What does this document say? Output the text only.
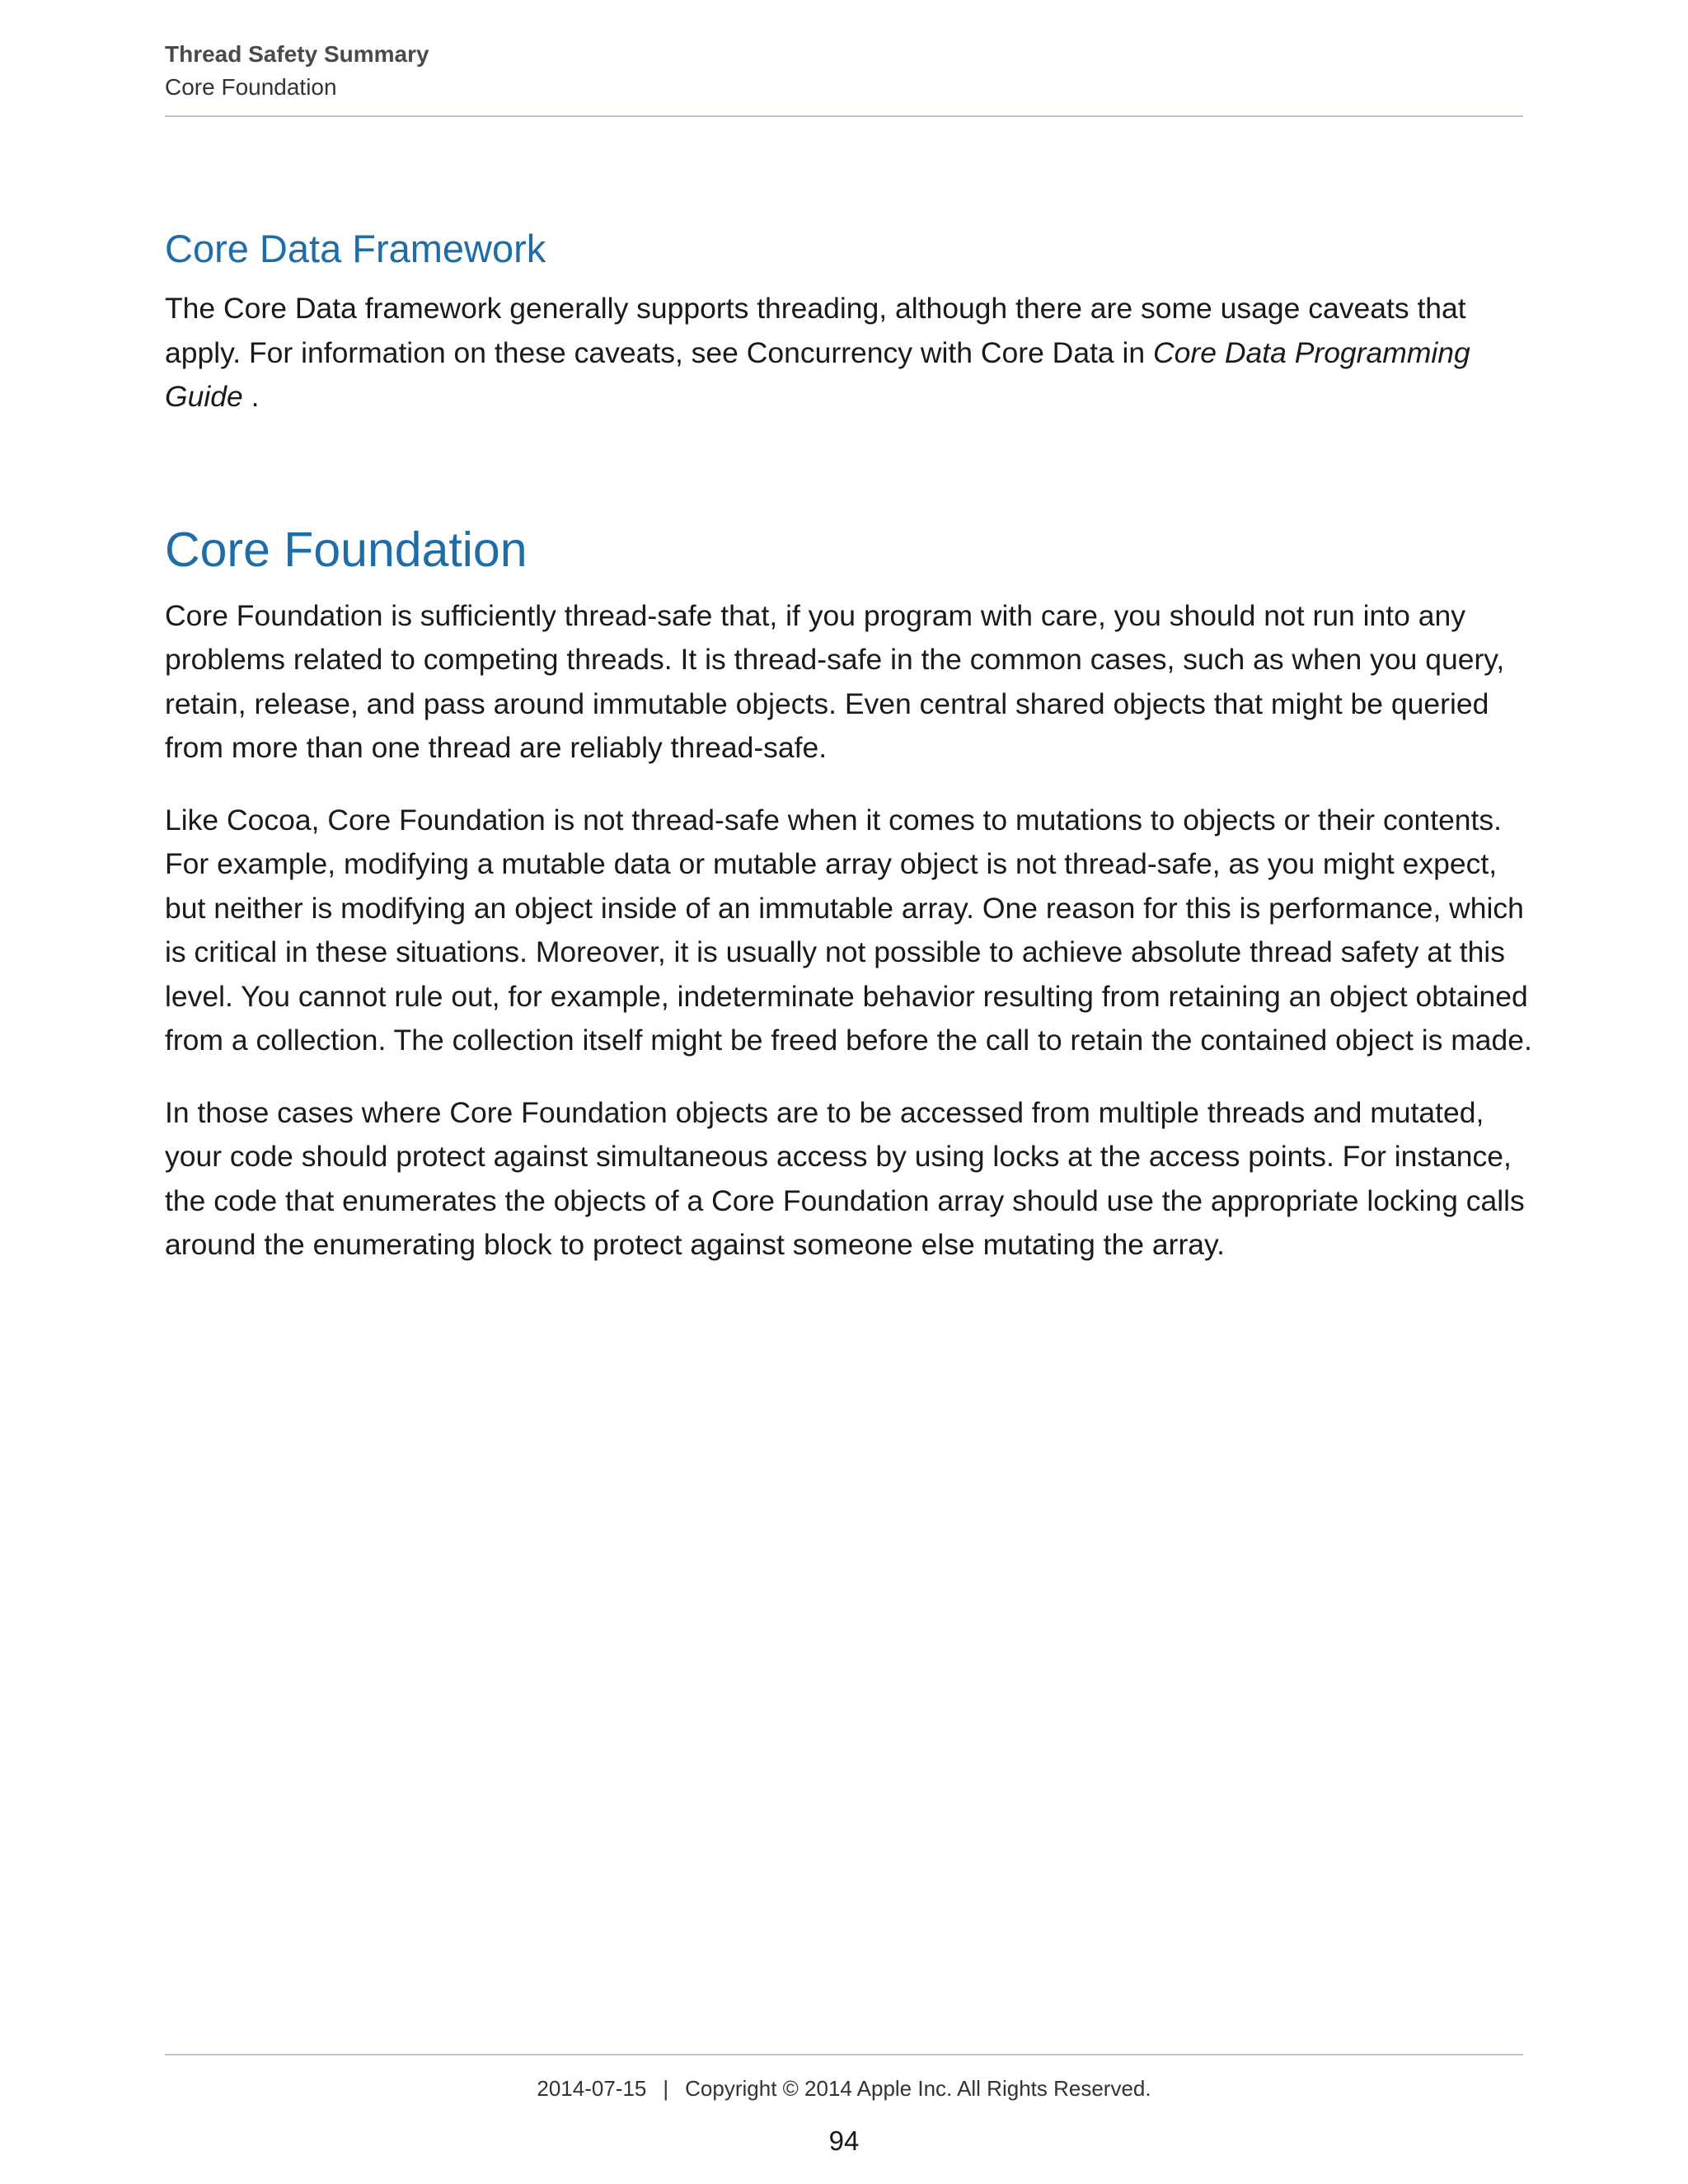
Thread Safety Summary
Core Foundation
Core Data Framework

The Core Data framework generally supports threading, although there are some usage caveats that apply. For information on these caveats, see Concurrency with Core Data in Core Data Programming Guide .

Core Foundation

Core Foundation is sufficiently thread-safe that, if you program with care, you should not run into any problems related to competing threads. It is thread-safe in the common cases, such as when you query, retain, release, and pass around immutable objects. Even central shared objects that might be queried from more than one thread are reliably thread-safe.

Like Cocoa, Core Foundation is not thread-safe when it comes to mutations to objects or their contents. For example, modifying a mutable data or mutable array object is not thread-safe, as you might expect, but neither is modifying an object inside of an immutable array. One reason for this is performance, which is critical in these situations. Moreover, it is usually not possible to achieve absolute thread safety at this level. You cannot rule out, for example, indeterminate behavior resulting from retaining an object obtained from a collection. The collection itself might be freed before the call to retain the contained object is made.

In those cases where Core Foundation objects are to be accessed from multiple threads and mutated, your code should protect against simultaneous access by using locks at the access points. For instance, the code that enumerates the objects of a Core Foundation array should use the appropriate locking calls around the enumerating block to protect against someone else mutating the array.

2014-07-15 | Copyright © 2014 Apple Inc. All Rights Reserved.
94
